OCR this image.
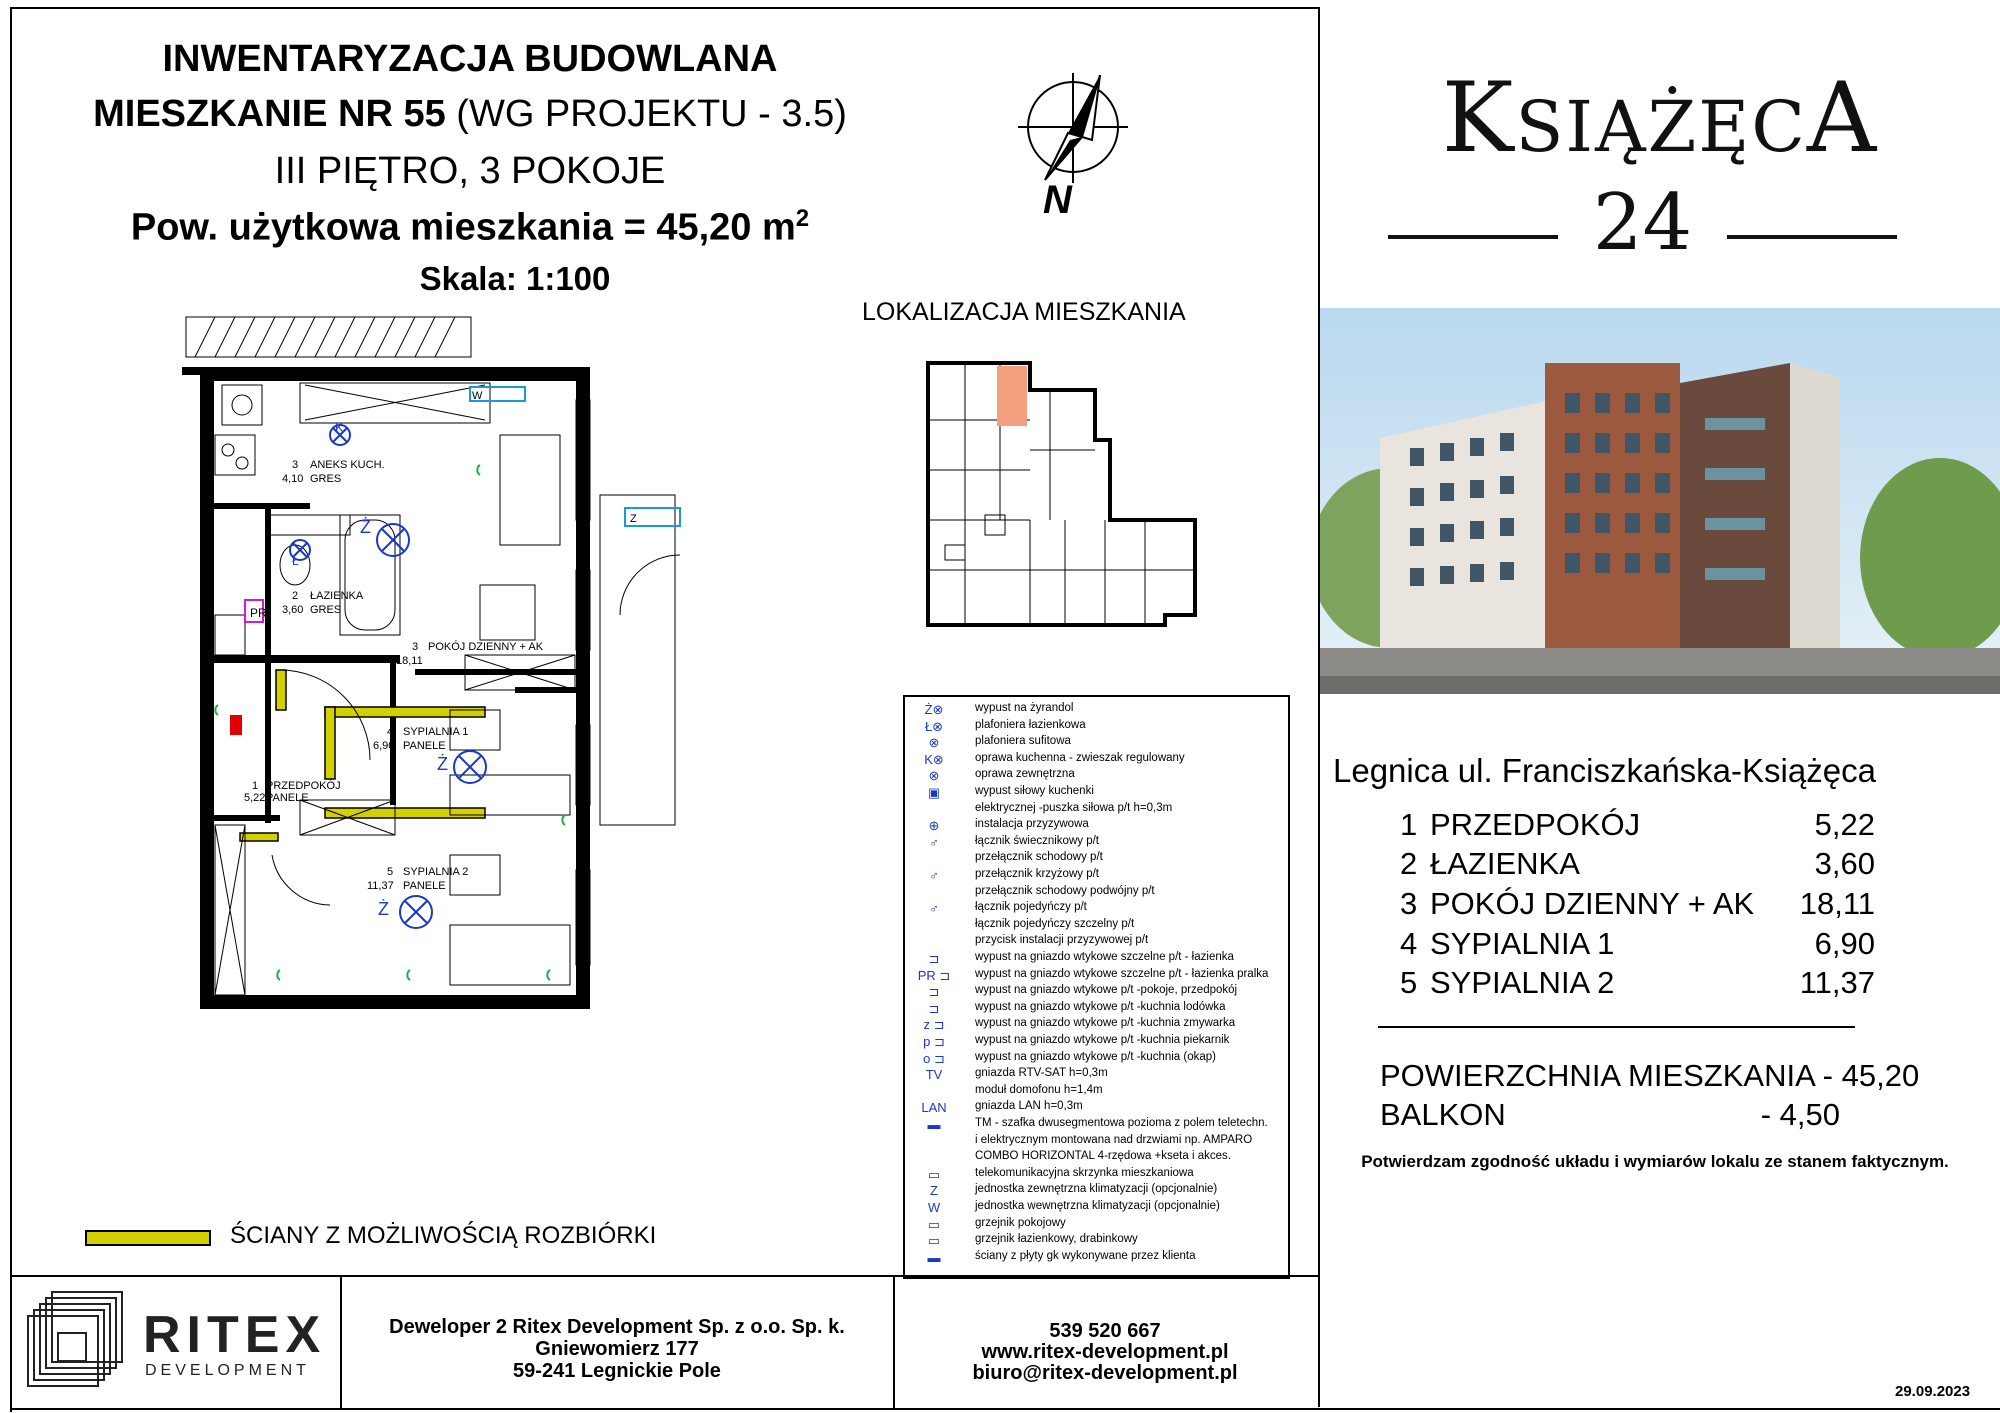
INWENTARYZACJA BUDOWLANA
MIESZKANIE NR 55 (WG PROJEKTU - 3.5)
III PIĘTRO, 3 POKOJE
Pow. użytkowa mieszkania = 45,20 $m^2$
Skala: 1:100
N
LOKALIZACJA MIESZKANIA
W
Z
3 ANEKS KUCH.
4,10 GRES
2 ŁAZIENKA
3,60 GRES
3 POKÓJ DZIENNY + AK
18,11
4 SYPIALNIA 1
6,90 PANELE
1 PRZEDPOKÓJ
5,22 PANELE
5 SYPIALNIA 2
11,37 PANELE
PR
Ż
Ż
Ż
K
Ł
ŚCIANY Z MOŻLIWOŚCIĄ ROZBIÓRKI
Ż⊗	wypust na żyrandol
Ł⊗	plafoniera łazienkowa
⊗	plafoniera sufitowa
K⊗	oprawa kuchenna - zwieszak regulowany
⊗	oprawa zewnętrzna
▣	wypust siłowy kuchenki
elektrycznej -puszka siłowa p/t h=0,3m
⊕	instalacja przyzywowa
♂	łącznik świecznikowy p/t
przełącznik schodowy p/t
♂	przełącznik krzyżowy p/t
przełącznik schodowy podwójny p/t
♂	łącznik pojedyńczy p/t
łącznik pojedyńczy szczelny p/t
przycisk instalacji przyzywowej p/t
⊐	wypust na gniazdo wtykowe szczelne p/t - łazienka
PR ⊐	wypust na gniazdo wtykowe szczelne p/t - łazienka pralka
⊐	wypust na gniazdo wtykowe p/t -pokoje, przedpokój
⊐	wypust na gniazdo wtykowe p/t -kuchnia lodówka
z ⊐	wypust na gniazdo wtykowe p/t -kuchnia zmywarka
p ⊐	wypust na gniazdo wtykowe p/t -kuchnia piekarnik
o ⊐	wypust na gniazdo wtykowe p/t -kuchnia (okap)
TV	gniazda RTV-SAT h=0,3m
moduł domofonu h=1,4m
LAN	gniazda LAN h=0,3m
▬	TM - szafka dwusegmentowa pozioma z polem teletechn.
i elektrycznym montowana nad drzwiami np. AMPARO
COMBO HORIZONTAL 4-rzędowa +kseta i akces.
▭	telekomunikacyjna skrzynka mieszkaniowa
Z	jednostka zewnętrzna klimatyzacji (opcjonalnie)
W	jednostka wewnętrzna klimatyzacji (opcjonalnie)
▭	grzejnik pokojowy
▭	grzejnik łazienkowy, drabinkowy
▬	ściany z płyty gk wykonywane przez klienta
KSIĄŻĘCA
24
Legnica ul. Franciszkańska-Książęca
1 PRZEDPOKÓJ	5,22
2 ŁAZIENKA	3,60
3 POKÓJ DZIENNY + AK	18,11
4 SYPIALNIA 1	6,90
5 SYPIALNIA 2	11,37
POWIERZCHNIA MIESZKANIA - 45,20
BALKON	- 4,50
Potwierdzam zgodność układu i wymiarów lokalu ze stanem faktycznym.
RITEX
DEVELOPMENT
Deweloper 2 Ritex Development Sp. z o.o. Sp. k.
Gniewomierz 177
59-241 Legnickie Pole
539 520 667
www.ritex-development.pl
biuro@ritex-development.pl
29.09.2023
